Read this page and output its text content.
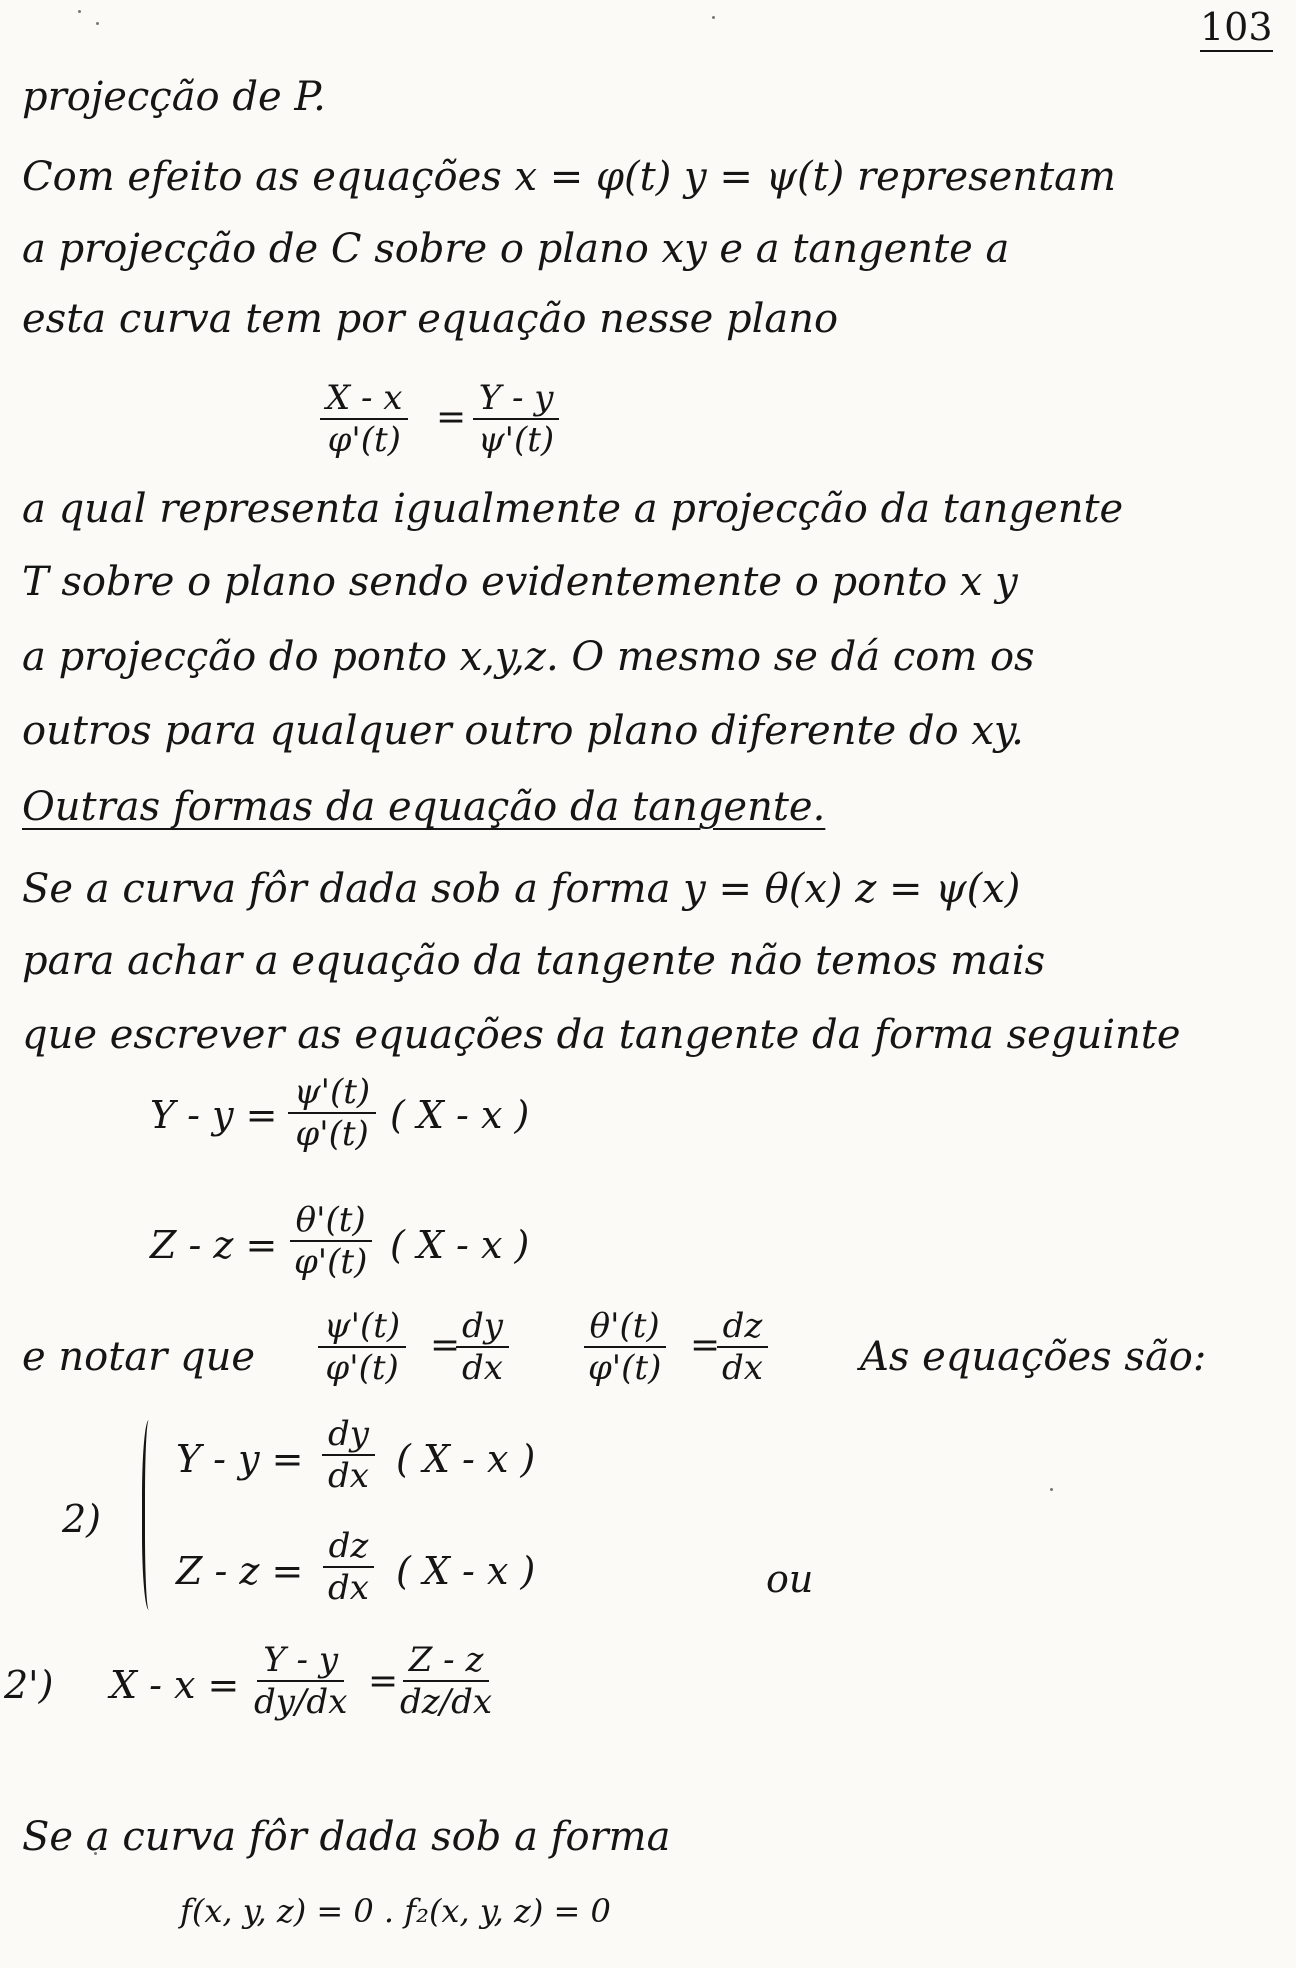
103
projecção de P.
Com efeito as equações x = φ(t) y = ψ(t) representam
a projecção de C sobre o plano xy e a tangente a
esta curva tem por equação nesse plano
$\frac{X - x}{\varphi'(t)} = \frac{Y - y}{\psi'(t)}$
a qual representa igualmente a projecção da tangente
T sobre o plano sendo evidentemente o ponto x y
a projecção do ponto x,y,z. O mesmo se dá com os
outros para qualquer outro plano diferente do xy.
Outras formas da equação da tangente.
Se a curva fôr dada sob a forma y = θ(x) z = ψ(x)
para achar a equação da tangente não temos mais
que escrever as equações da tangente da forma seguinte
$Y - y = \frac{\psi'(t)}{\varphi'(t)}$ ( X - x )
$Z - z = \frac{\theta'(t)}{\varphi'(t)}$ ( X - x )
e notar que	$\frac{\psi'(t)}{\varphi'(t)}$ =
$\frac{dy}{dx} \frac{\theta'(t)}{\varphi'(t)}$ =
$\frac{dz}{dx}$ As equações são:
2)
$Y - y = \frac{dy}{dx}$ ( X - x )
$Z - z = \frac{dz}{dx}$ ( X - x )	ou
2') $X - x = \frac{Y - y}{dy/dx}$ =
$\frac{Z - z}{dz/dx}$
Se a curva fôr dada sob a forma
f(x, y, z) = 0 . f₂(x, y, z) = 0
